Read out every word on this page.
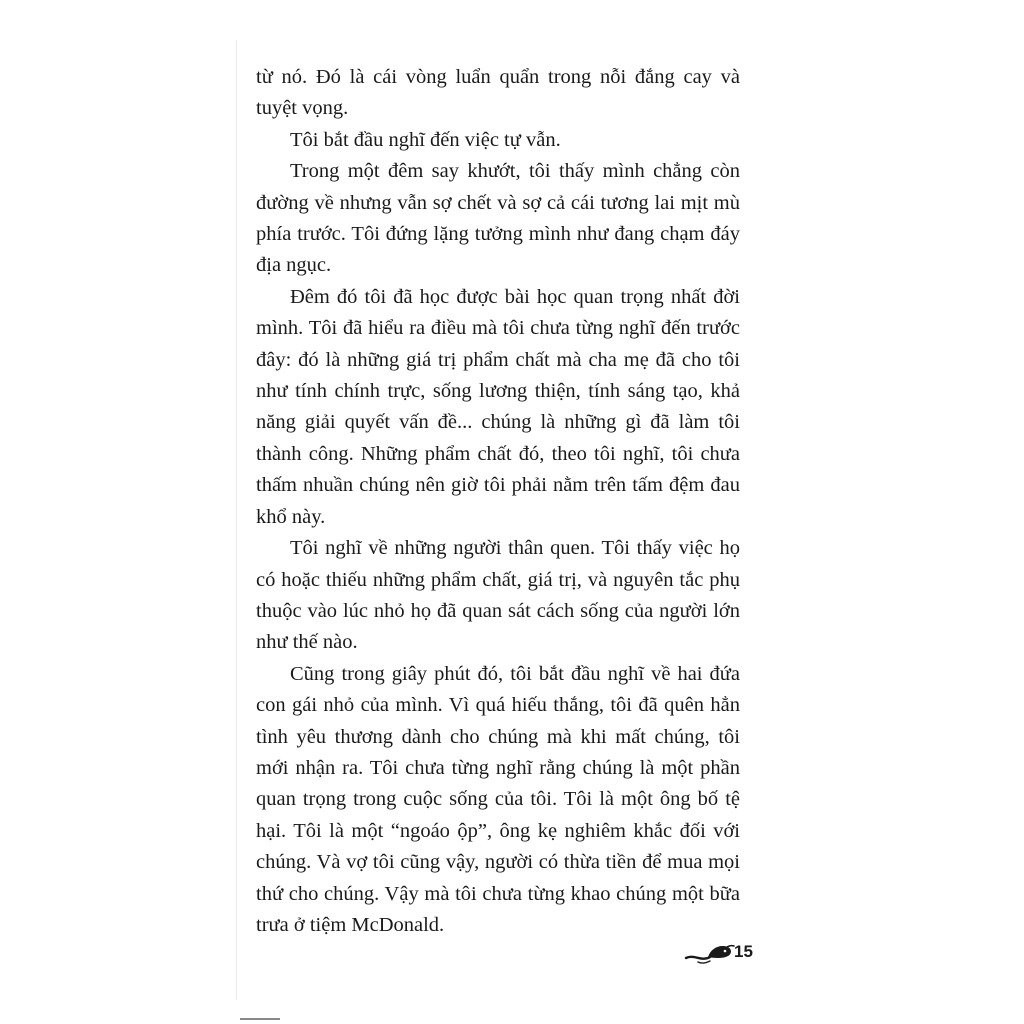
từ nó. Đó là cái vòng luẩn quẩn trong nỗi đắng cay và tuyệt vọng.

Tôi bắt đầu nghĩ đến việc tự vẫn.

Trong một đêm say khướt, tôi thấy mình chẳng còn đường về nhưng vẫn sợ chết và sợ cả cái tương lai mịt mù phía trước. Tôi đứng lặng tưởng mình như đang chạm đáy địa ngục.

Đêm đó tôi đã học được bài học quan trọng nhất đời mình. Tôi đã hiểu ra điều mà tôi chưa từng nghĩ đến trước đây: đó là những giá trị phẩm chất mà cha mẹ đã cho tôi như tính chính trực, sống lương thiện, tính sáng tạo, khả năng giải quyết vấn đề... chúng là những gì đã làm tôi thành công. Những phẩm chất đó, theo tôi nghĩ, tôi chưa thấm nhuần chúng nên giờ tôi phải nằm trên tấm đệm đau khổ này.

Tôi nghĩ về những người thân quen. Tôi thấy việc họ có hoặc thiếu những phẩm chất, giá trị, và nguyên tắc phụ thuộc vào lúc nhỏ họ đã quan sát cách sống của người lớn như thế nào.

Cũng trong giây phút đó, tôi bắt đầu nghĩ về hai đứa con gái nhỏ của mình. Vì quá hiếu thắng, tôi đã quên hẳn tình yêu thương dành cho chúng mà khi mất chúng, tôi mới nhận ra. Tôi chưa từng nghĩ rằng chúng là một phần quan trọng trong cuộc sống của tôi. Tôi là một ông bố tệ hại. Tôi là một “ngoáo ộp”, ông kẹ nghiêm khắc đối với chúng. Và vợ tôi cũng vậy, người có thừa tiền để mua mọi thứ cho chúng. Vậy mà tôi chưa từng khao chúng một bữa trưa ở tiệm McDonald.

15
